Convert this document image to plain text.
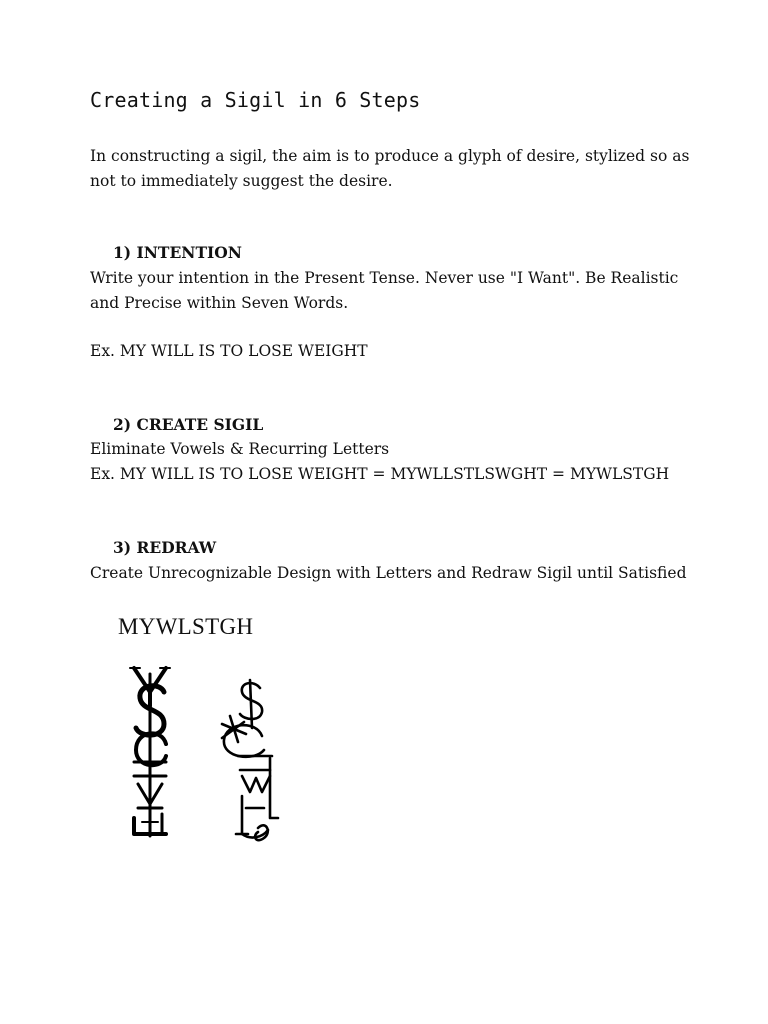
Creating a Sigil in 6 Steps

In constructing a sigil, the aim is to produce a glyph of desire, stylized so as not to immediately suggest the desire.

1) INTENTION

Write your intention in the Present Tense. Never use "I Want". Be Realistic and Precise within Seven Words.

Ex. MY WILL IS TO LOSE WEIGHT

2) CREATE SIGIL

Eliminate Vowels & Recurring Letters

Ex. MY WILL IS TO LOSE WEIGHT = MYWLLSTLSWGHT = MYWLSTGH

3) REDRAW

Create Unrecognizable Design with Letters and Redraw Sigil until Satisfied

MYWLSTGH
